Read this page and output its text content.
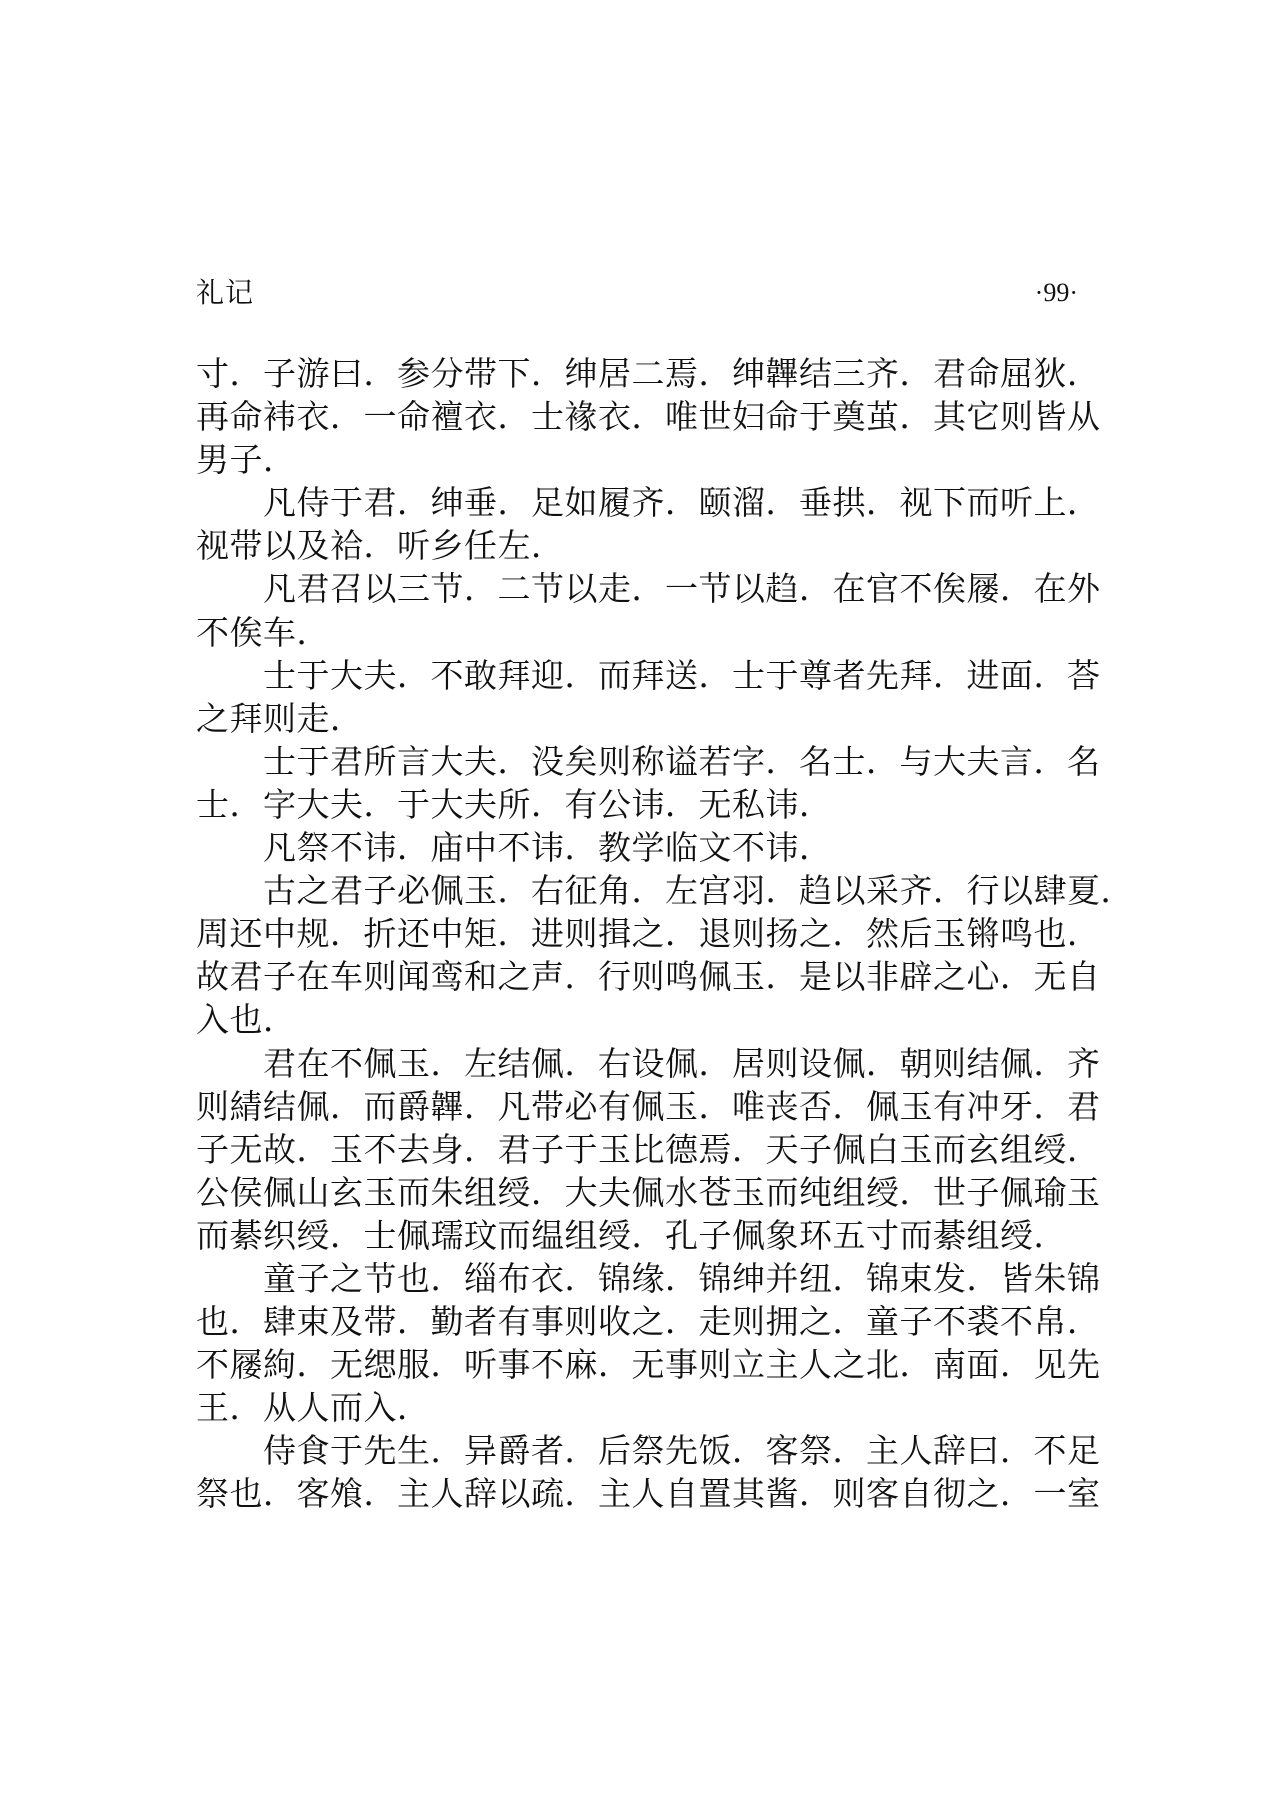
礼记	·99·

寸．子游曰．参分带下．绅居二焉．绅韠结三齐．君命屈狄．
再命袆衣．一命襢衣．士褖衣．唯世妇命于奠茧．其它则皆从
男子．

　　凡侍于君．绅垂．足如履齐．颐溜．垂拱．视下而听上．
视带以及袷．听乡任左．

　　凡君召以三节．二节以走．一节以趋．在官不俟屦．在外
不俟车．

　　士于大夫．不敢拜迎．而拜送．士于尊者先拜．进面．荅
之拜则走．

　　士于君所言大夫．没矣则称谥若字．名士．与大夫言．名
士．字大夫．于大夫所．有公讳．无私讳．

　　凡祭不讳．庙中不讳．教学临文不讳．

　　古之君子必佩玉．右征角．左宫羽．趋以采齐．行以肆夏．
周还中规．折还中矩．进则揖之．退则扬之．然后玉锵鸣也．
故君子在车则闻鸾和之声．行则鸣佩玉．是以非辟之心．无自
入也．

　　君在不佩玉．左结佩．右设佩．居则设佩．朝则结佩．齐
则綪结佩．而爵韠．凡带必有佩玉．唯丧否．佩玉有冲牙．君
子无故．玉不去身．君子于玉比德焉．天子佩白玉而玄组绶．
公侯佩山玄玉而朱组绶．大夫佩水苍玉而纯组绶．世子佩瑜玉
而綦织绶．士佩瓀玟而缊组绶．孔子佩象环五寸而綦组绶．

　　童子之节也．缁布衣．锦缘．锦绅并纽．锦束发．皆朱锦
也．肆束及带．勤者有事则收之．走则拥之．童子不裘不帛．
不屦絇．无缌服．听事不麻．无事则立主人之北．南面．见先
王．从人而入．

　　侍食于先生．异爵者．后祭先饭．客祭．主人辞曰．不足
祭也．客飧．主人辞以疏．主人自置其酱．则客自彻之．一室
